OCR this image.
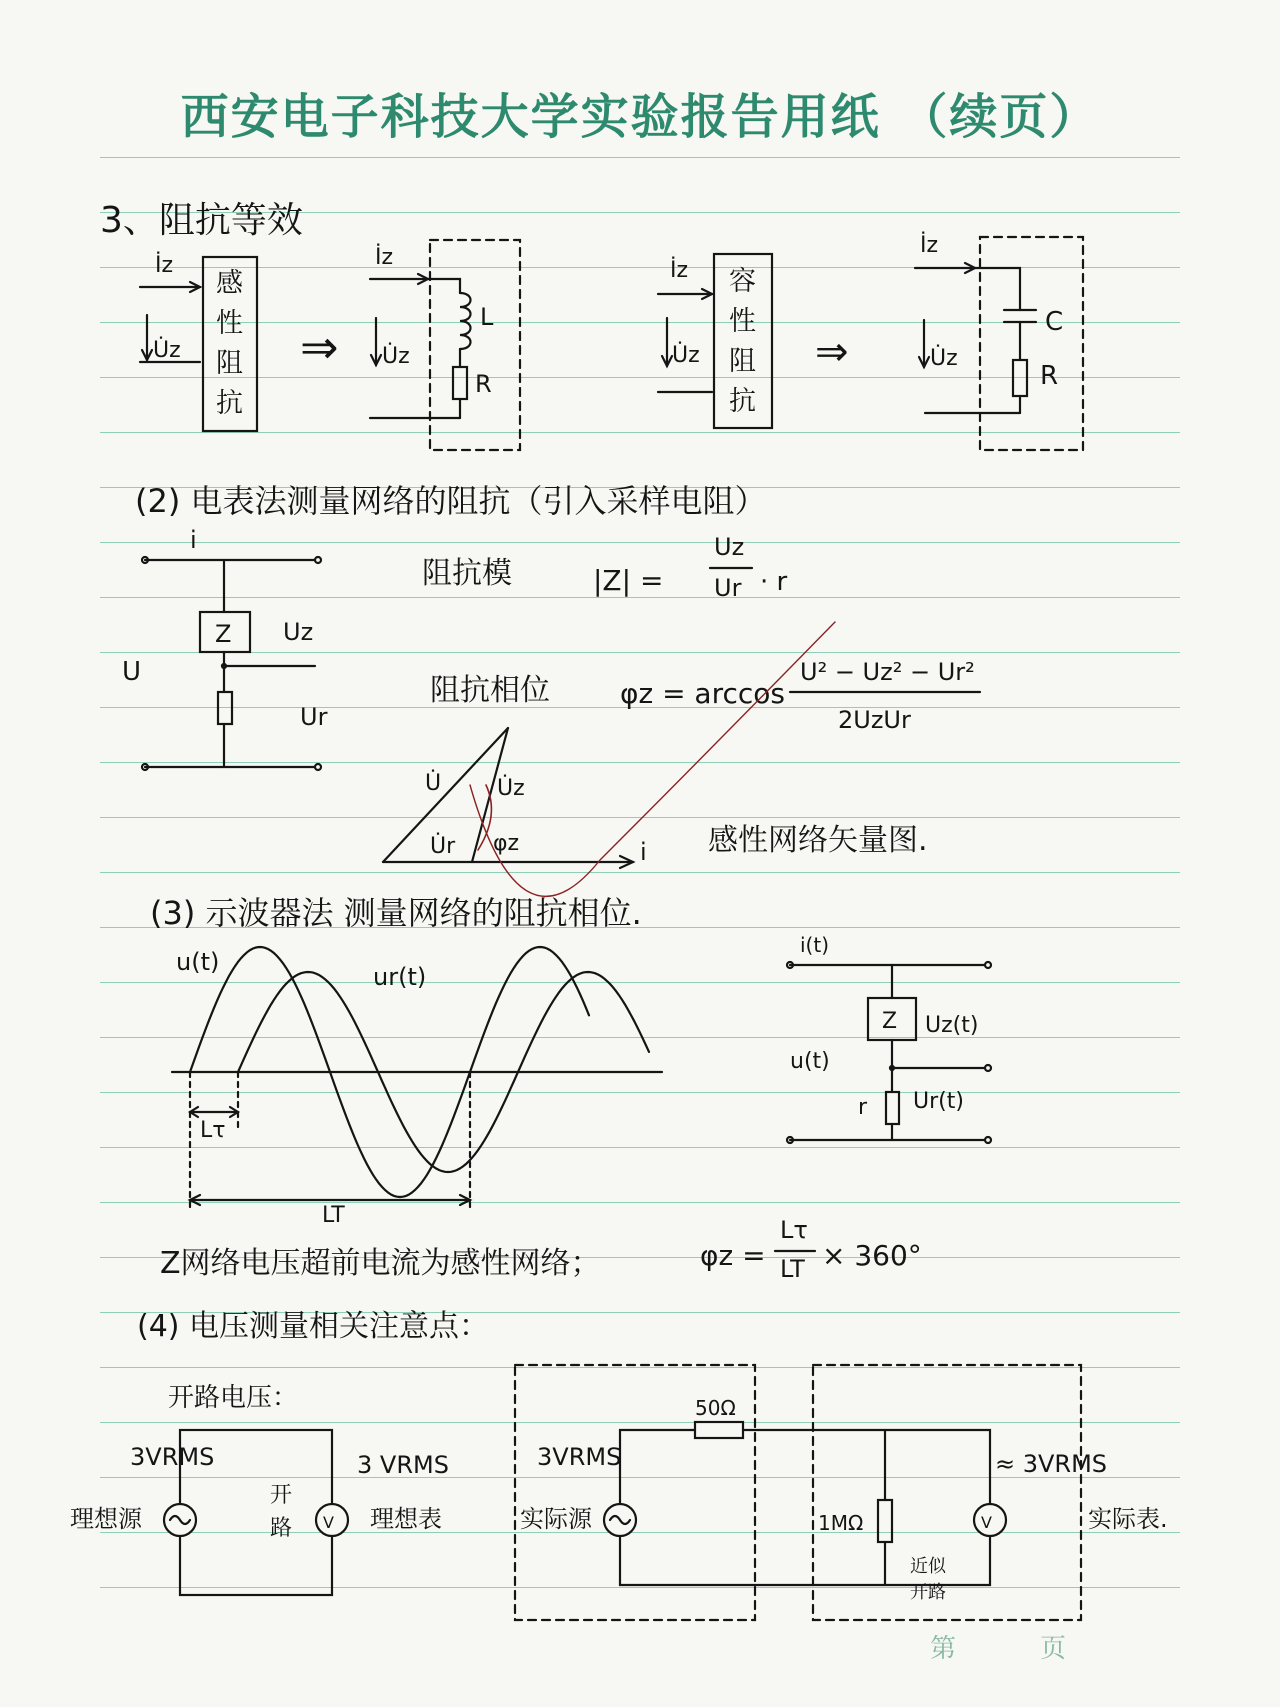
西安电子科技大学实验报告用纸 （续页）
3、阻抗等效
İz
U̇z
感
性
阻
抗
⇒
İz
L
R
U̇z
İz
U̇z
容
性
阻
抗
⇒
İz
C
R
U̇z
(2) 电表法测量网络的阻抗（引入采样电阻）
i
Z Uz
U
Ur
阻抗模	|Z| =
Uz
Ur · r
阻抗相位	φz = arccos
U² − Uz² − Ur²
2UzUr
U̇	U̇z
U̇r φz	i 感性网络矢量图.
(3) 示波器法 测量网络的阻抗相位.
u(t)
ur(t)
Lτ
LT
i(t)
Z Uz(t)
u(t)
r Ur(t)
Z网络电压超前电流为感性网络；	φz =
Lτ
LT × 360°
(4) 电压测量相关注意点：
开路电压：
V
3VRMS	3 VRMS
理想源
开
路	理想表	V
50Ω
3VRMS
实际源	1MΩ
近似
开路
≈ 3VRMS
实际表.
第	页
